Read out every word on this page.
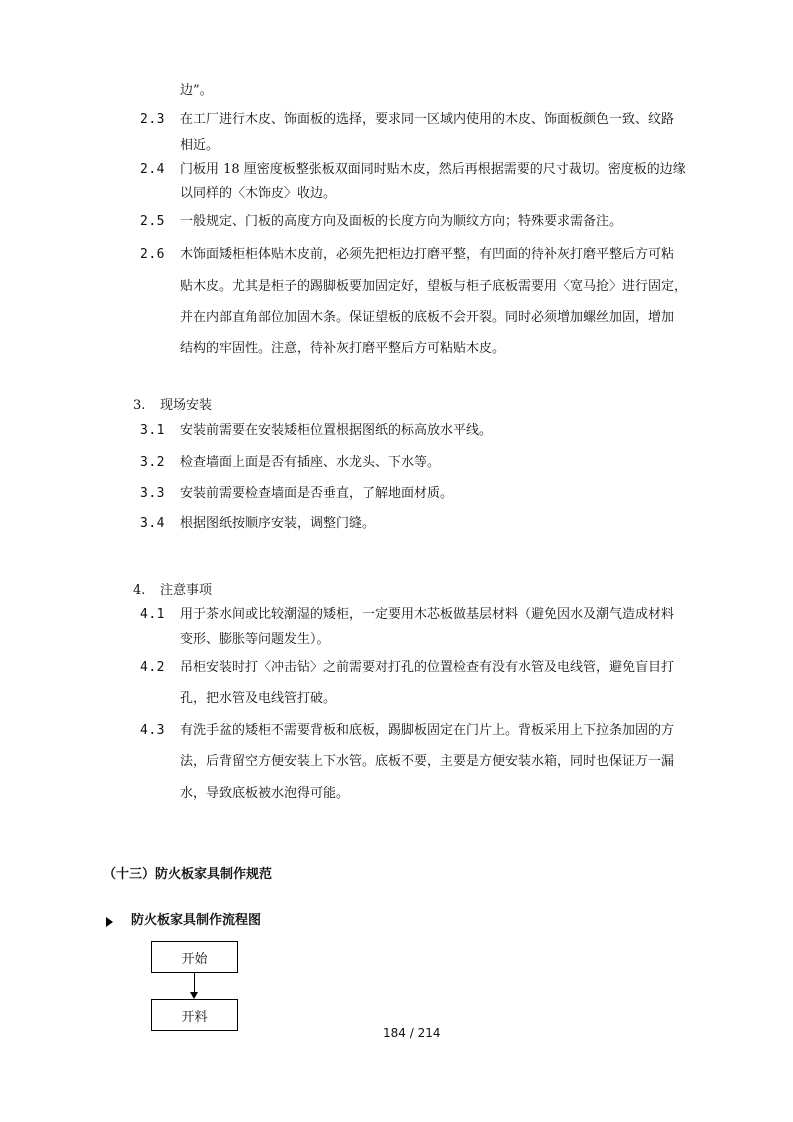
边”。
2.3 在工厂进行木皮、饰面板的选择，要求同一区域内使用的木皮、饰面板颜色一致、纹路
相近。
2.4 门板用 18 厘密度板整张板双面同时贴木皮，然后再根据需要的尺寸裁切。密度板的边缘
以同样的〈木饰皮〉收边。
2.5 一般规定、门板的高度方向及面板的长度方向为顺纹方向；特殊要求需备注。
2.6 木饰面矮柜柜体贴木皮前，必须先把柜边打磨平整，有凹面的待补灰打磨平整后方可粘
贴木皮。尤其是柜子的踢脚板要加固定好，望板与柜子底板需要用〈宽马抢〉进行固定，
并在内部直角部位加固木条。保证望板的底板不会开裂。同时必须增加螺丝加固，增加
结构的牢固性。注意，待补灰打磨平整后方可粘贴木皮。
3. 现场安装
3.1 安装前需要在安装矮柜位置根据图纸的标高放水平线。
3.2 检查墙面上面是否有插座、水龙头、下水等。
3.3 安装前需要检查墙面是否垂直，了解地面材质。
3.4 根据图纸按顺序安装，调整门缝。
4. 注意事项
4.1 用于茶水间或比较潮湿的矮柜，一定要用木芯板做基层材料（避免因水及潮气造成材料
变形、膨胀等问题发生）。
4.2 吊柜安装时打〈冲击钻〉之前需要对打孔的位置检查有没有水管及电线管，避免盲目打
孔，把水管及电线管打破。
4.3 有洗手盆的矮柜不需要背板和底板，踢脚板固定在门片上。背板采用上下拉条加固的方
法，后背留空方便安装上下水管。底板不要，主要是方便安装水箱，同时也保证万一漏
水，导致底板被水泡得可能。
（十三）防火板家具制作规范
防火板家具制作流程图
开始
开料
184 / 214
